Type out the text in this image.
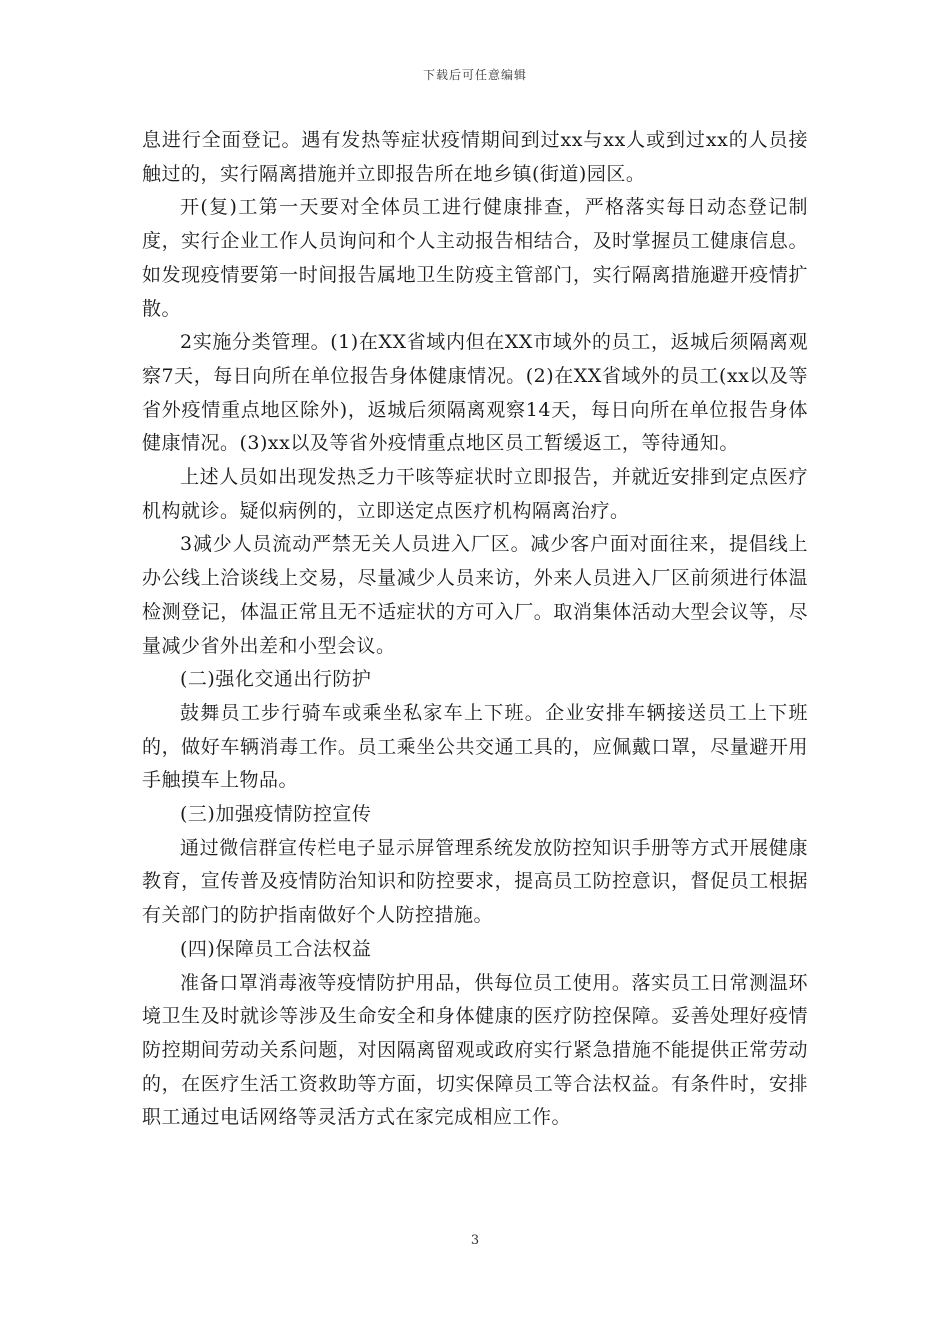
下载后可任意编辑

息进行全面登记。遇有发热等症状疫情期间到过xx与xx人或到过xx的人员接触过的，实行隔离措施并立即报告所在地乡镇(街道)园区。

开(复)工第一天要对全体员工进行健康排查，严格落实每日动态登记制度，实行企业工作人员询问和个人主动报告相结合，及时掌握员工健康信息。如发现疫情要第一时间报告属地卫生防疫主管部门，实行隔离措施避开疫情扩散。

2实施分类管理。(1)在XX省域内但在XX市域外的员工，返城后须隔离观察7天，每日向所在单位报告身体健康情况。(2)在XX省域外的员工(xx以及等省外疫情重点地区除外)，返城后须隔离观察14天，每日向所在单位报告身体健康情况。(3)xx以及等省外疫情重点地区员工暂缓返工，等待通知。

上述人员如出现发热乏力干咳等症状时立即报告，并就近安排到定点医疗机构就诊。疑似病例的，立即送定点医疗机构隔离治疗。

3减少人员流动严禁无关人员进入厂区。减少客户面对面往来，提倡线上办公线上洽谈线上交易，尽量减少人员来访，外来人员进入厂区前须进行体温检测登记，体温正常且无不适症状的方可入厂。取消集体活动大型会议等，尽量减少省外出差和小型会议。

(二)强化交通出行防护

鼓舞员工步行骑车或乘坐私家车上下班。企业安排车辆接送员工上下班的，做好车辆消毒工作。员工乘坐公共交通工具的，应佩戴口罩，尽量避开用手触摸车上物品。

(三)加强疫情防控宣传

通过微信群宣传栏电子显示屏管理系统发放防控知识手册等方式开展健康教育，宣传普及疫情防治知识和防控要求，提高员工防控意识，督促员工根据有关部门的防护指南做好个人防控措施。

(四)保障员工合法权益

准备口罩消毒液等疫情防护用品，供每位员工使用。落实员工日常测温环境卫生及时就诊等涉及生命安全和身体健康的医疗防控保障。妥善处理好疫情防控期间劳动关系问题，对因隔离留观或政府实行紧急措施不能提供正常劳动的，在医疗生活工资救助等方面，切实保障员工等合法权益。有条件时，安排职工通过电话网络等灵活方式在家完成相应工作。

3
